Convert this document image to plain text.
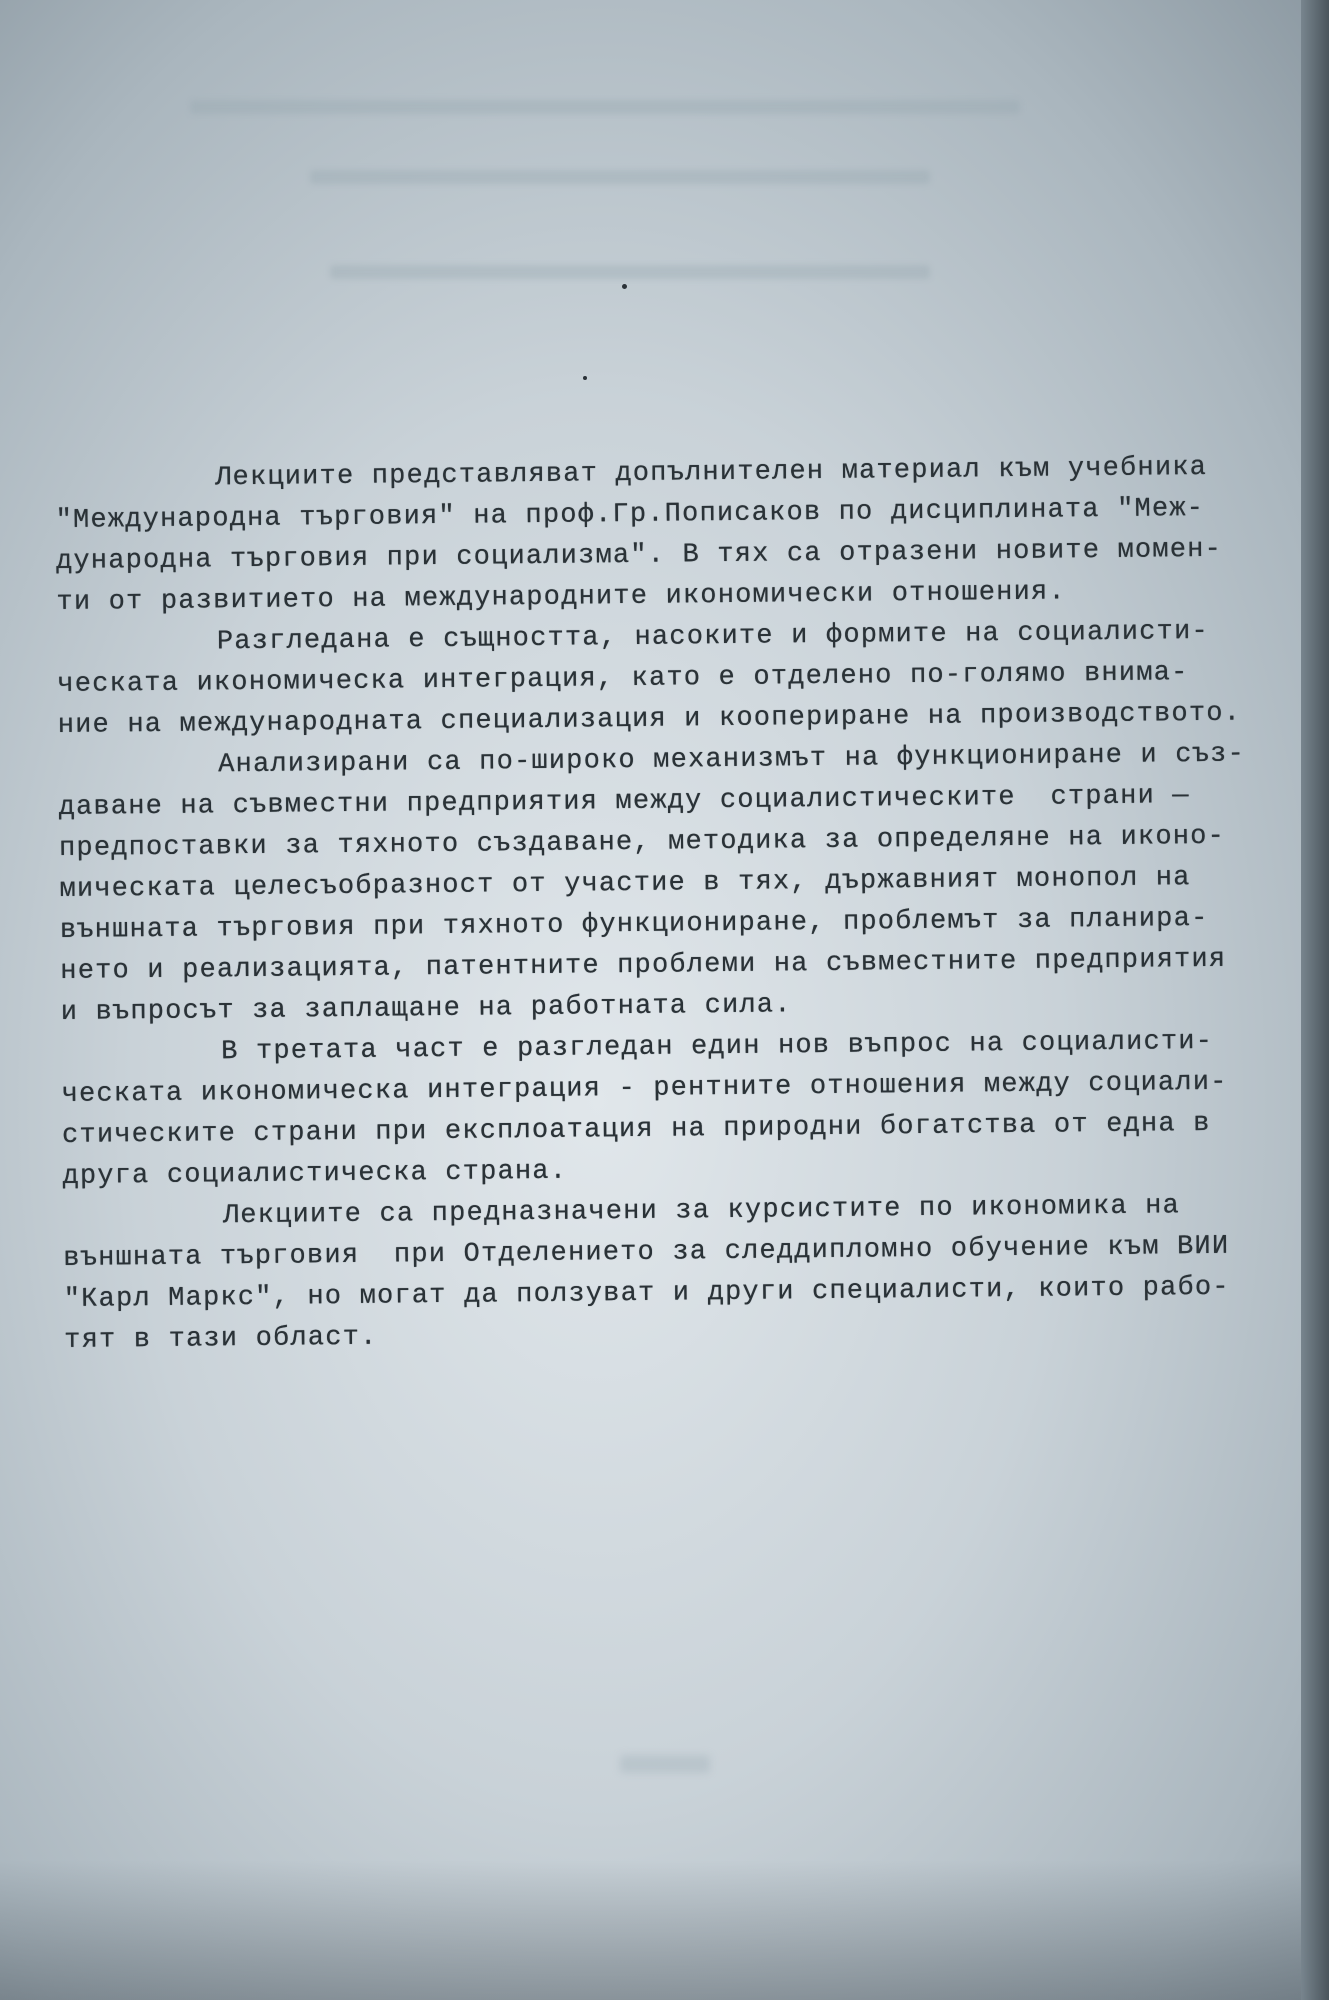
Лекциите представляват допълнителен материал към учебника
"Международна търговия" на проф.Гр.Пописаков по дисциплината "Меж-
дународна търговия при социализма". В тях са отразени новите момен-
ти от развитието на международните икономически отношения.
Разгледана е същността, насоките и формите на социалисти-
ческата икономическа интеграция, като е отделено по-голямо внима-
ние на международната специализация и коопериране на производството.
Анализирани са по-широко механизмът на функциониране и съз-
даване на съвместни предприятия между социалистическите  страни —
предпоставки за тяхното създаване, методика за определяне на иконо-
мическата целесъобразност от участие в тях, държавният монопол на
външната търговия при тяхното функциониране, проблемът за планира-
нето и реализацията, патентните проблеми на съвместните предприятия
и въпросът за заплащане на работната сила.
В третата част е разгледан един нов въпрос на социалисти-
ческата икономическа интеграция - рентните отношения между социали-
стическите страни при експлоатация на природни богатства от една в
друга социалистическа страна.
Лекциите са предназначени за курсистите по икономика на
външната търговия  при Отделението за следдипломно обучение към ВИИ
"Карл Маркс", но могат да ползуват и други специалисти, които рабо-
тят в тази област.
